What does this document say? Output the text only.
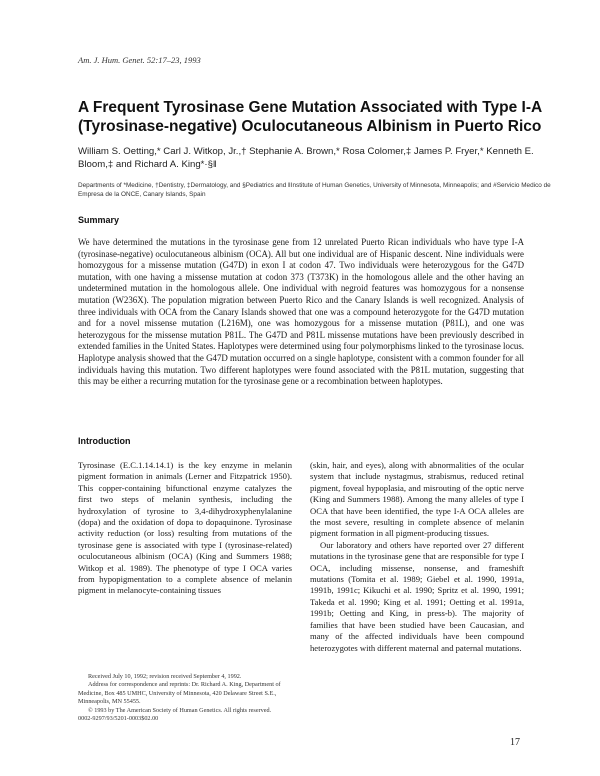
Am. J. Hum. Genet. 52:17–23, 1993
A Frequent Tyrosinase Gene Mutation Associated with Type I-A (Tyrosinase-negative) Oculocutaneous Albinism in Puerto Rico
William S. Oetting,* Carl J. Witkop, Jr.,† Stephanie A. Brown,* Rosa Colomer,‡ James P. Fryer,* Kenneth E. Bloom,‡ and Richard A. King*·§‖
Departments of *Medicine, †Dentistry, ‡Dermatology, and §Pediatrics and ‖Institute of Human Genetics, University of Minnesota, Minneapolis; and #Servicio Medico de Empresa de la ONCE, Canary Islands, Spain
Summary
We have determined the mutations in the tyrosinase gene from 12 unrelated Puerto Rican individuals who have type I-A (tyrosinase-negative) oculocutaneous albinism (OCA). All but one individual are of Hispanic descent. Nine individuals were homozygous for a missense mutation (G47D) in exon I at codon 47. Two individuals were heterozygous for the G47D mutation, with one having a missense mutation at codon 373 (T373K) in the homologous allele and the other having an undetermined mutation in the homologous allele. One individual with negroid features was homozygous for a nonsense mutation (W236X). The population migration between Puerto Rico and the Canary Islands is well recognized. Analysis of three individuals with OCA from the Canary Islands showed that one was a compound heterozygote for the G47D mutation and for a novel missense mutation (L216M), one was homozygous for a missense mutation (P81L), and one was heterozygous for the missense mutation P81L. The G47D and P81L missense mutations have been previously described in extended families in the United States. Haplotypes were determined using four polymorphisms linked to the tyrosinase locus. Haplotype analysis showed that the G47D mutation occurred on a single haplotype, consistent with a common founder for all individuals having this mutation. Two different haplotypes were found associated with the P81L mutation, suggesting that this may be either a recurring mutation for the tyrosinase gene or a recombination between haplotypes.
Introduction

Tyrosinase (E.C.1.14.14.1) is the key enzyme in melanin pigment formation in animals (Lerner and Fitzpatrick 1950). This copper-containing bifunctional enzyme catalyzes the first two steps of melanin synthesis, including the hydroxylation of tyrosine to 3,4-dihydroxyphenylalanine (dopa) and the oxidation of dopa to dopaquinone. Tyrosinase activity reduction (or loss) resulting from mutations of the tyrosinase gene is associated with type I (tyrosinase-related) oculocutaneous albinism (OCA) (King and Summers 1988; Witkop et al. 1989). The phenotype of type I OCA varies from hypopigmentation to a complete absence of melanin pigment in melanocyte-containing tissues

(skin, hair, and eyes), along with abnormalities of the ocular system that include nystagmus, strabismus, reduced retinal pigment, foveal hypoplasia, and misrouting of the optic nerve (King and Summers 1988). Among the many alleles of type I OCA that have been identified, the type I-A OCA alleles are the most severe, resulting in complete absence of melanin pigment formation in all pigment-producing tissues.

Our laboratory and others have reported over 27 different mutations in the tyrosinase gene that are responsible for type I OCA, including missense, nonsense, and frameshift mutations (Tomita et al. 1989; Giebel et al. 1990, 1991a, 1991b, 1991c; Kikuchi et al. 1990; Spritz et al. 1990, 1991; Takeda et al. 1990; King et al. 1991; Oetting et al. 1991a, 1991b; Oetting and King, in press-b). The majority of families that have been studied have been Caucasian, and many of the affected individuals have been compound heterozygotes with different maternal and paternal mutations.

Received July 10, 1992; revision received September 4, 1992.

Address for correspondence and reprints: Dr. Richard A. King, Department of Medicine, Box 485 UMHC, University of Minnesota, 420 Delaware Street S.E., Minneapolis, MN 55455.

© 1993 by The American Society of Human Genetics. All rights reserved.

0002-9297/93/5201-0003$02.00

17
